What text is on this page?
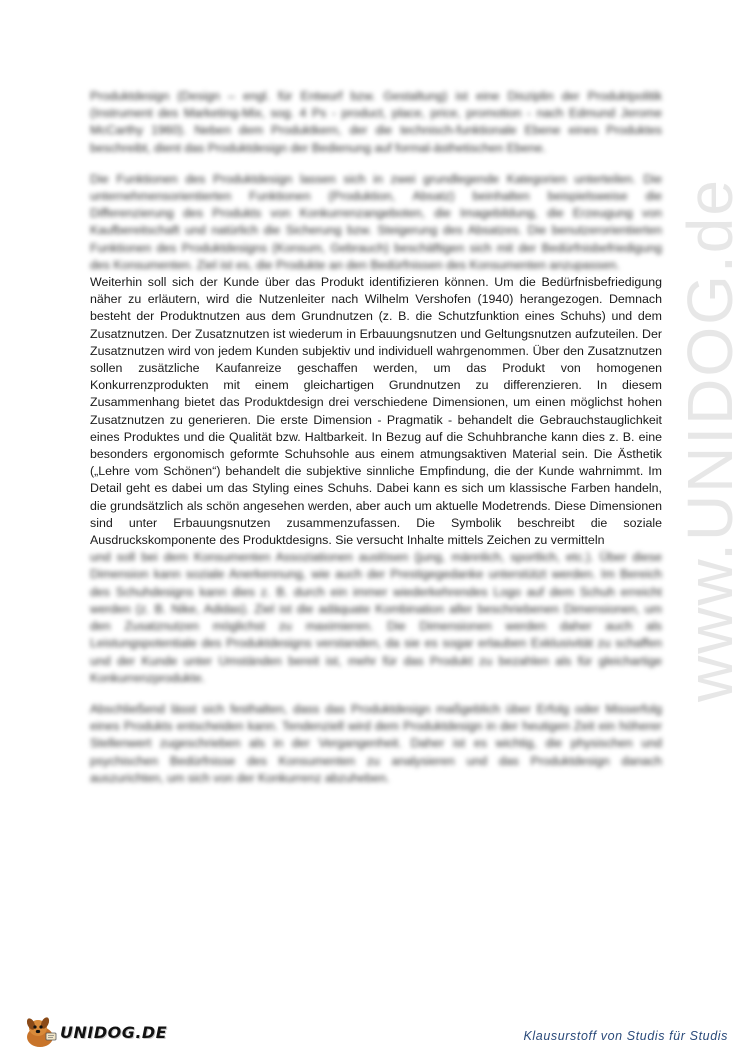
www.UNIDOG.de

Produktdesign (Design – engl. für Entwurf bzw. Gestaltung) ist eine Disziplin der Produktpolitik (Instrument des Marketing-Mix, sog. 4 Ps - product, place, price, promotion - nach Edmund Jerome McCarthy 1960). Neben dem Produktkern, der die technisch-funktionale Ebene eines Produktes beschreibt, dient das Produktdesign der Bedienung auf formal-ästhetischen Ebene.

Die Funktionen des Produktdesign lassen sich in zwei grundlegende Kategorien unterteilen. Die unternehmensorientierten Funktionen (Produktion, Absatz) beinhalten beispielsweise die Differenzierung des Produkts von Konkurrenzangeboten, die Imagebildung, die Erzeugung von Kaufbereitschaft und natürlich die Sicherung bzw. Steigerung des Absatzes. Die benutzerorientierten Funktionen des Produktdesigns (Konsum, Gebrauch) beschäftigen sich mit der Bedürfnisbefriedigung des Konsumenten. Ziel ist es, die Produkte an den Bedürfnissen des Konsumenten anzupassen.

Weiterhin soll sich der Kunde über das Produkt identifizieren können. Um die Bedürfnisbefriedigung näher zu erläutern, wird die Nutzenleiter nach Wilhelm Vershofen (1940) herangezogen. Demnach besteht der Produktnutzen aus dem Grundnutzen (z. B. die Schutzfunktion eines Schuhs) und dem Zusatznutzen. Der Zusatznutzen ist wiederum in Erbauungsnutzen und Geltungsnutzen aufzuteilen. Der Zusatznutzen wird von jedem Kunden subjektiv und individuell wahrgenommen. Über den Zusatznutzen sollen zusätzliche Kaufanreize geschaffen werden, um das Produkt von homogenen Konkurrenzprodukten mit einem gleichartigen Grundnutzen zu differenzieren. In diesem Zusammenhang bietet das Produktdesign drei verschiedene Dimensionen, um einen möglichst hohen Zusatznutzen zu generieren. Die erste Dimension - Pragmatik - behandelt die Gebrauchstauglichkeit eines Produktes und die Qualität bzw. Haltbarkeit. In Bezug auf die Schuhbranche kann dies z. B. eine besonders ergonomisch geformte Schuhsohle aus einem atmungsaktiven Material sein. Die Ästhetik („Lehre vom Schönen“) behandelt die subjektive sinnliche Empfindung, die der Kunde wahrnimmt. Im Detail geht es dabei um das Styling eines Schuhs. Dabei kann es sich um klassische Farben handeln, die grundsätzlich als schön angesehen werden, aber auch um aktuelle Modetrends. Diese Dimensionen sind unter Erbauungsnutzen zusammenzufassen. Die Symbolik beschreibt die soziale Ausdruckskomponente des Produktdesigns. Sie versucht Inhalte mittels Zeichen zu vermitteln

und soll bei dem Konsumenten Assoziationen auslösen (jung, männlich, sportlich, etc.). Über diese Dimension kann soziale Anerkennung, wie auch der Prestigegedanke unterstützt werden. Im Bereich des Schuhdesigns kann dies z. B. durch ein immer wiederkehrendes Logo auf dem Schuh erreicht werden (z. B. Nike, Adidas). Ziel ist die adäquate Kombination aller beschriebenen Dimensionen, um den Zusatznutzen möglichst zu maximieren. Die Dimensionen werden daher auch als Leistungspotentiale des Produktdesigns verstanden, da sie es sogar erlauben Exklusivität zu schaffen und der Kunde unter Umständen bereit ist, mehr für das Produkt zu bezahlen als für gleichartige Konkurrenzprodukte.

Abschließend lässt sich festhalten, dass das Produktdesign maßgeblich über Erfolg oder Misserfolg eines Produkts entscheiden kann. Tendenziell wird dem Produktdesign in der heutigen Zeit ein höherer Stellenwert zugeschrieben als in der Vergangenheit. Daher ist es wichtig, die physischen und psychischen Bedürfnisse des Konsumenten zu analysieren und das Produktdesign danach auszurichten, um sich von der Konkurrenz abzuheben.

UNIDOG.DE	Klausurstoff von Studis für Studis
